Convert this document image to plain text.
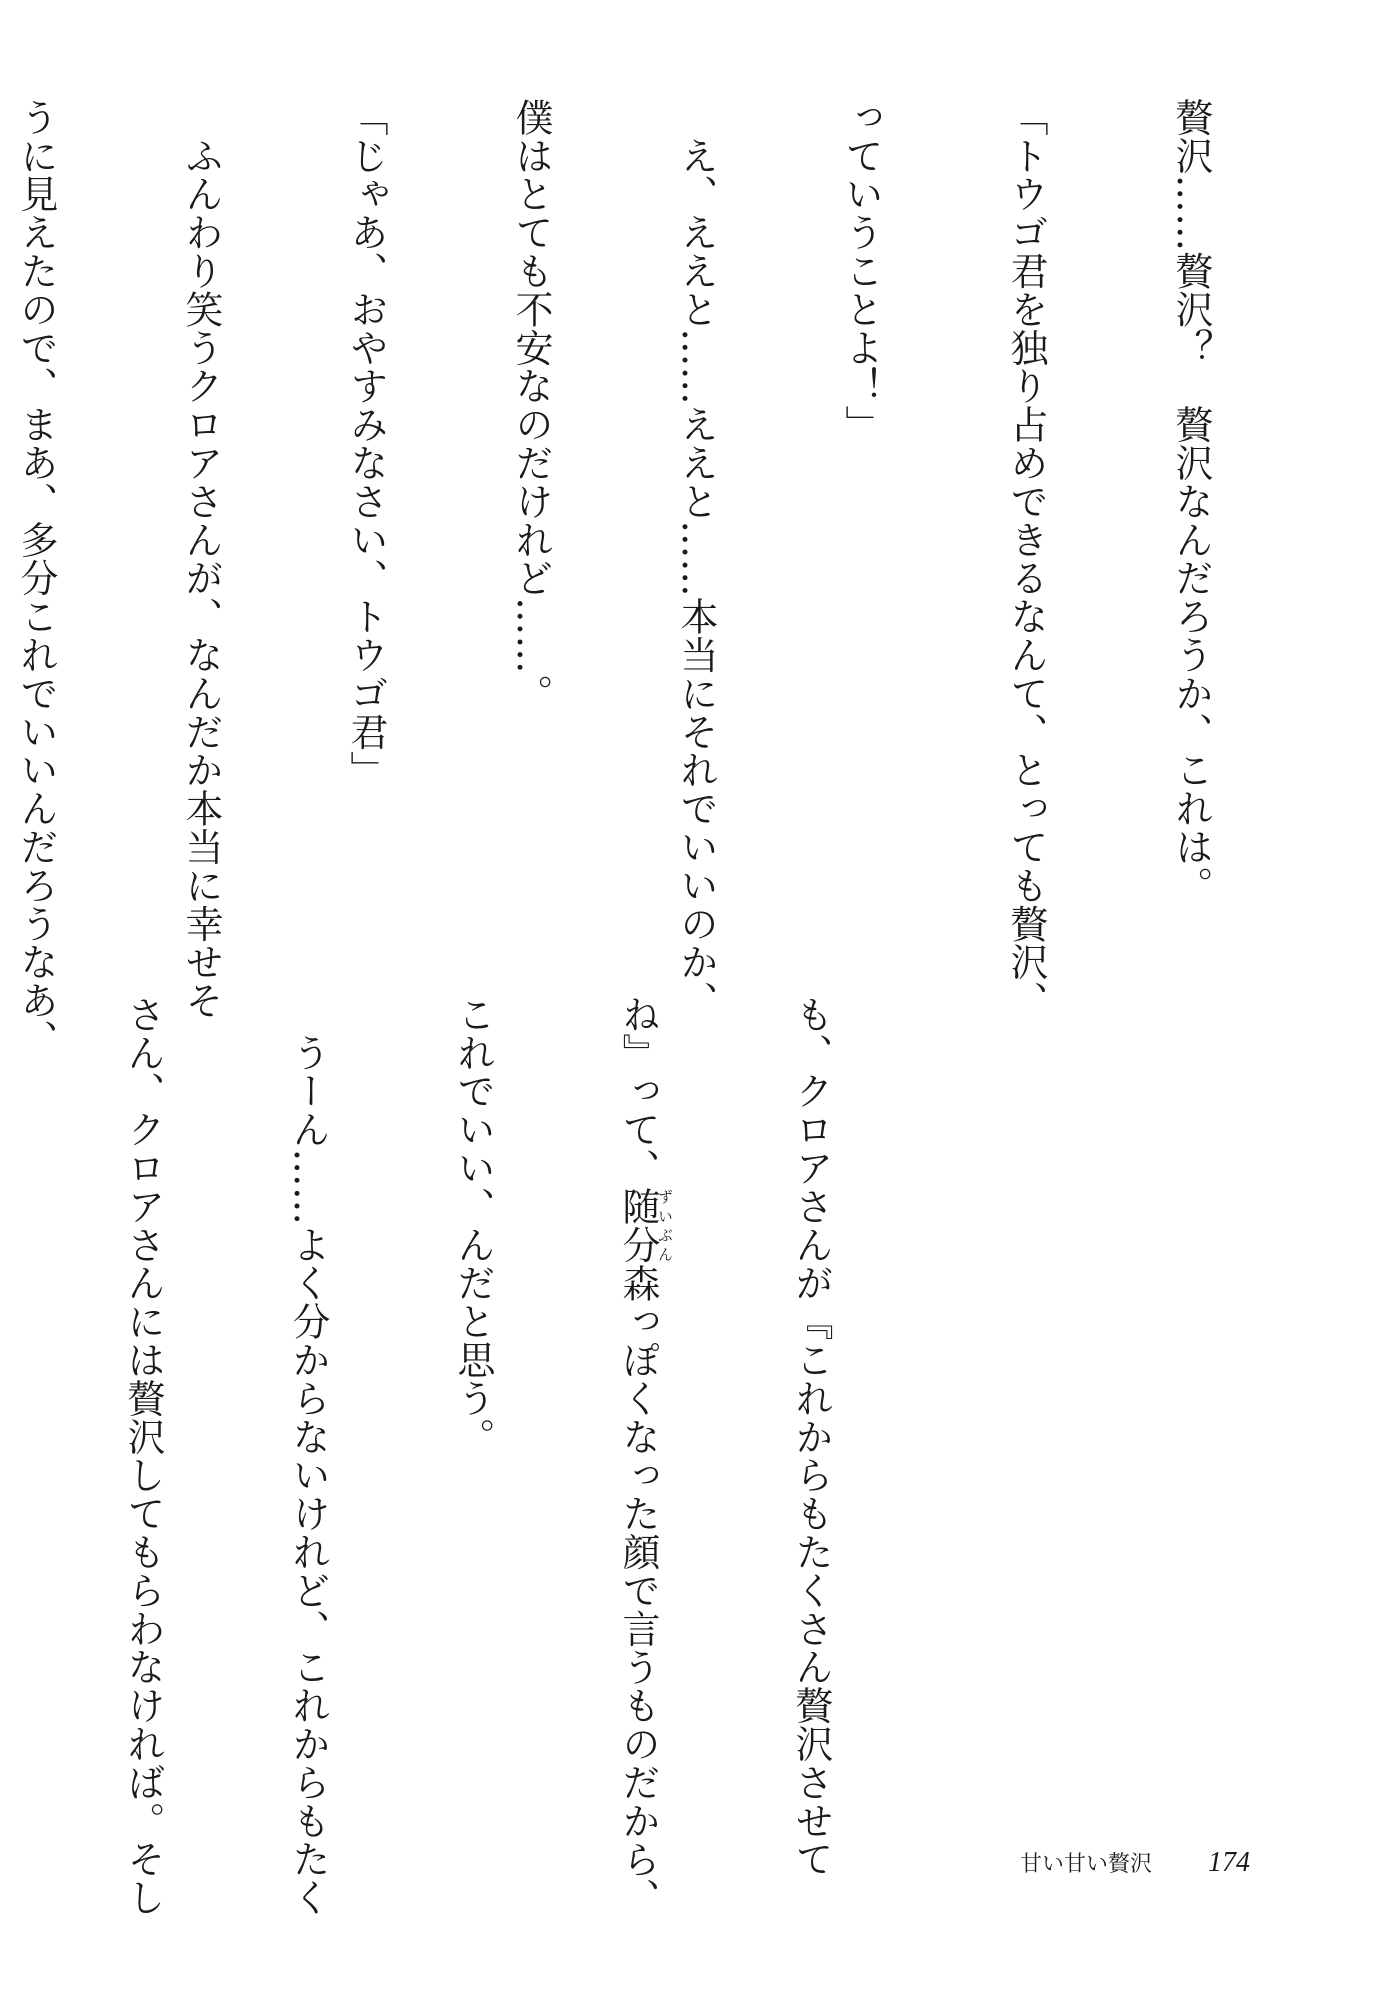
贅沢……贅沢？　贅沢なんだろうか、これは。

「トウゴ君を独り占めできるなんて、とっても贅沢、

っていうことよ！」

　え、ええと……ええと……本当にそれでいいのか、

僕はとても不安なのだけれど……。

「じゃあ、おやすみなさい、トウゴ君」

　ふんわり笑うクロアさんが、なんだか本当に幸せそ

うに見えたので、まあ、多分これでいいんだろうなあ、

も、クロアさんが『これからもたくさん贅沢させて

ね』って、随分ずいぶん森っぽくなった顔で言うものだから、

これでいい、んだと思う。

　うーん……よく分からないけれど、これからもたく

さん、クロアさんには贅沢してもらわなければ。そし

	甘い甘い贅沢 174
